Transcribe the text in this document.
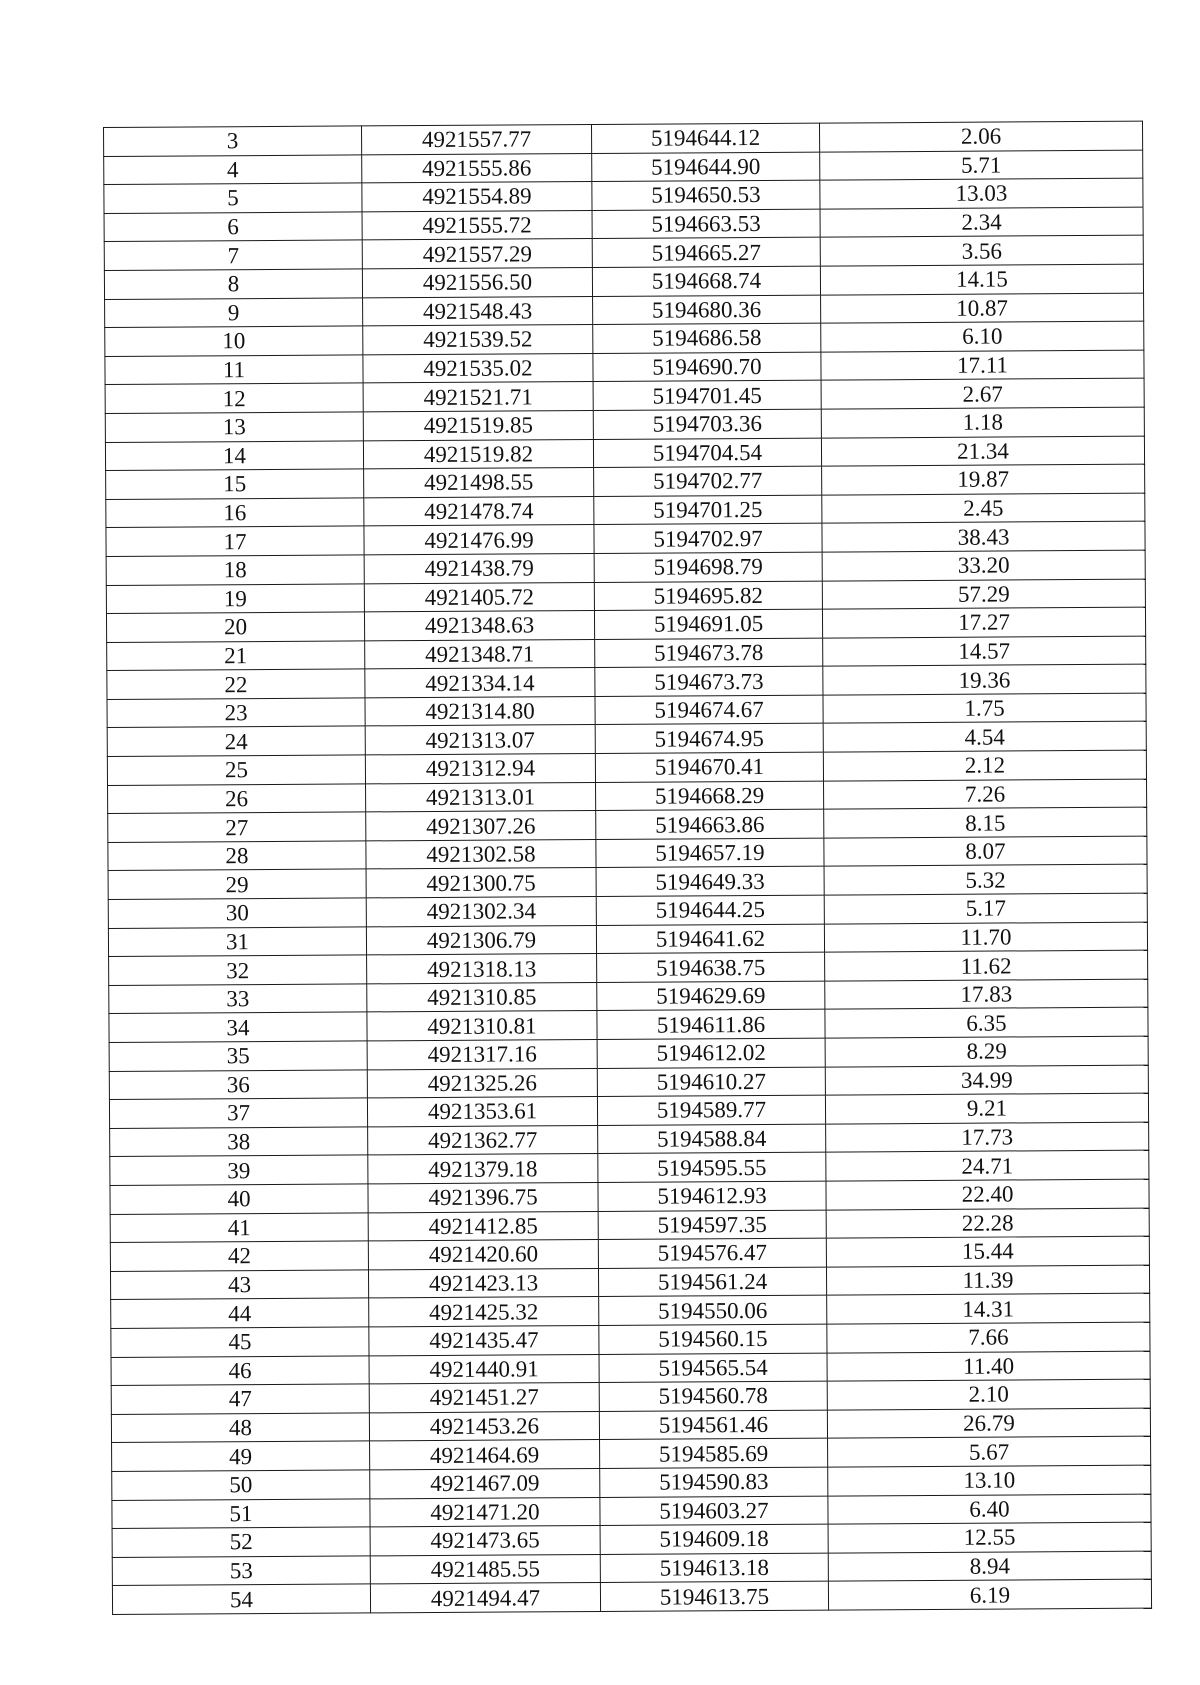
3	4921557.77	5194644.12	2.06
4	4921555.86	5194644.90	5.71
5	4921554.89	5194650.53	13.03
6	4921555.72	5194663.53	2.34
7	4921557.29	5194665.27	3.56
8	4921556.50	5194668.74	14.15
9	4921548.43	5194680.36	10.87
10	4921539.52	5194686.58	6.10
11	4921535.02	5194690.70	17.11
12	4921521.71	5194701.45	2.67
13	4921519.85	5194703.36	1.18
14	4921519.82	5194704.54	21.34
15	4921498.55	5194702.77	19.87
16	4921478.74	5194701.25	2.45
17	4921476.99	5194702.97	38.43
18	4921438.79	5194698.79	33.20
19	4921405.72	5194695.82	57.29
20	4921348.63	5194691.05	17.27
21	4921348.71	5194673.78	14.57
22	4921334.14	5194673.73	19.36
23	4921314.80	5194674.67	1.75
24	4921313.07	5194674.95	4.54
25	4921312.94	5194670.41	2.12
26	4921313.01	5194668.29	7.26
27	4921307.26	5194663.86	8.15
28	4921302.58	5194657.19	8.07
29	4921300.75	5194649.33	5.32
30	4921302.34	5194644.25	5.17
31	4921306.79	5194641.62	11.70
32	4921318.13	5194638.75	11.62
33	4921310.85	5194629.69	17.83
34	4921310.81	5194611.86	6.35
35	4921317.16	5194612.02	8.29
36	4921325.26	5194610.27	34.99
37	4921353.61	5194589.77	9.21
38	4921362.77	5194588.84	17.73
39	4921379.18	5194595.55	24.71
40	4921396.75	5194612.93	22.40
41	4921412.85	5194597.35	22.28
42	4921420.60	5194576.47	15.44
43	4921423.13	5194561.24	11.39
44	4921425.32	5194550.06	14.31
45	4921435.47	5194560.15	7.66
46	4921440.91	5194565.54	11.40
47	4921451.27	5194560.78	2.10
48	4921453.26	5194561.46	26.79
49	4921464.69	5194585.69	5.67
50	4921467.09	5194590.83	13.10
51	4921471.20	5194603.27	6.40
52	4921473.65	5194609.18	12.55
53	4921485.55	5194613.18	8.94
54	4921494.47	5194613.75	6.19
